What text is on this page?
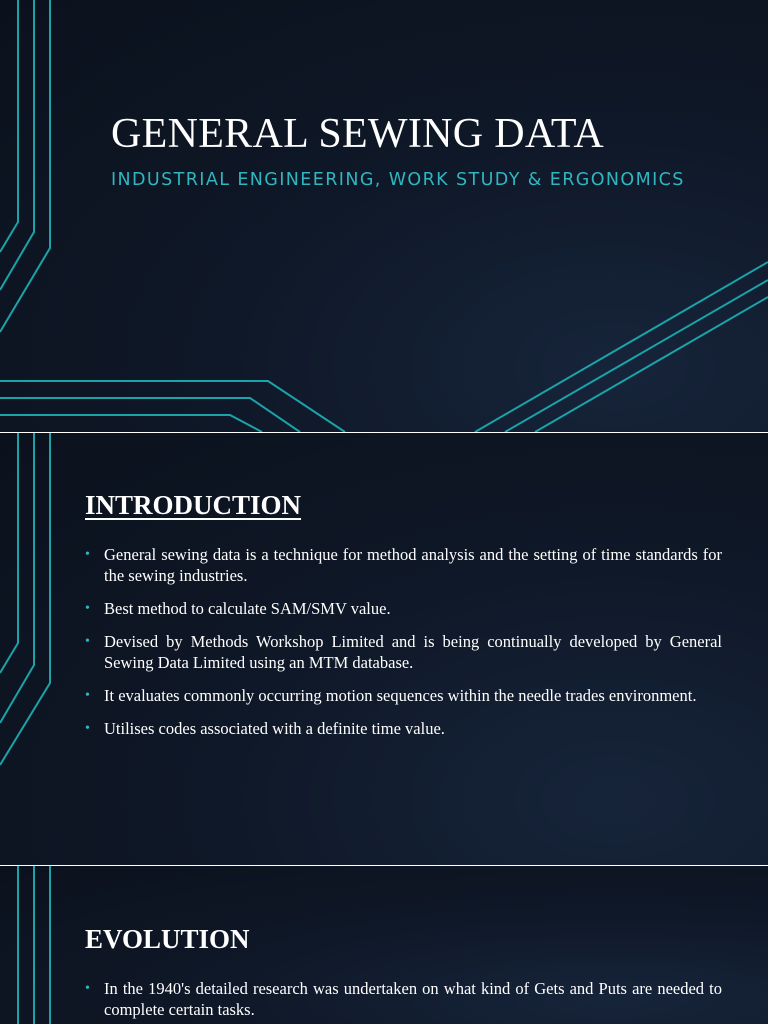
GENERAL SEWING DATA
INDUSTRIAL ENGINEERING, WORK STUDY & ERGONOMICS
INTRODUCTION
• General sewing data is a technique for method analysis and the setting of time standards for the sewing industries.
• Best method to calculate SAM/SMV value.
• Devised by Methods Workshop Limited and is being continually developed by General Sewing Data Limited using an MTM database.
• It evaluates commonly occurring motion sequences within the needle trades environment.
• Utilises codes associated with a definite time value.
EVOLUTION
• In the 1940's detailed research was undertaken on what kind of Gets and Puts are needed to complete certain tasks.
